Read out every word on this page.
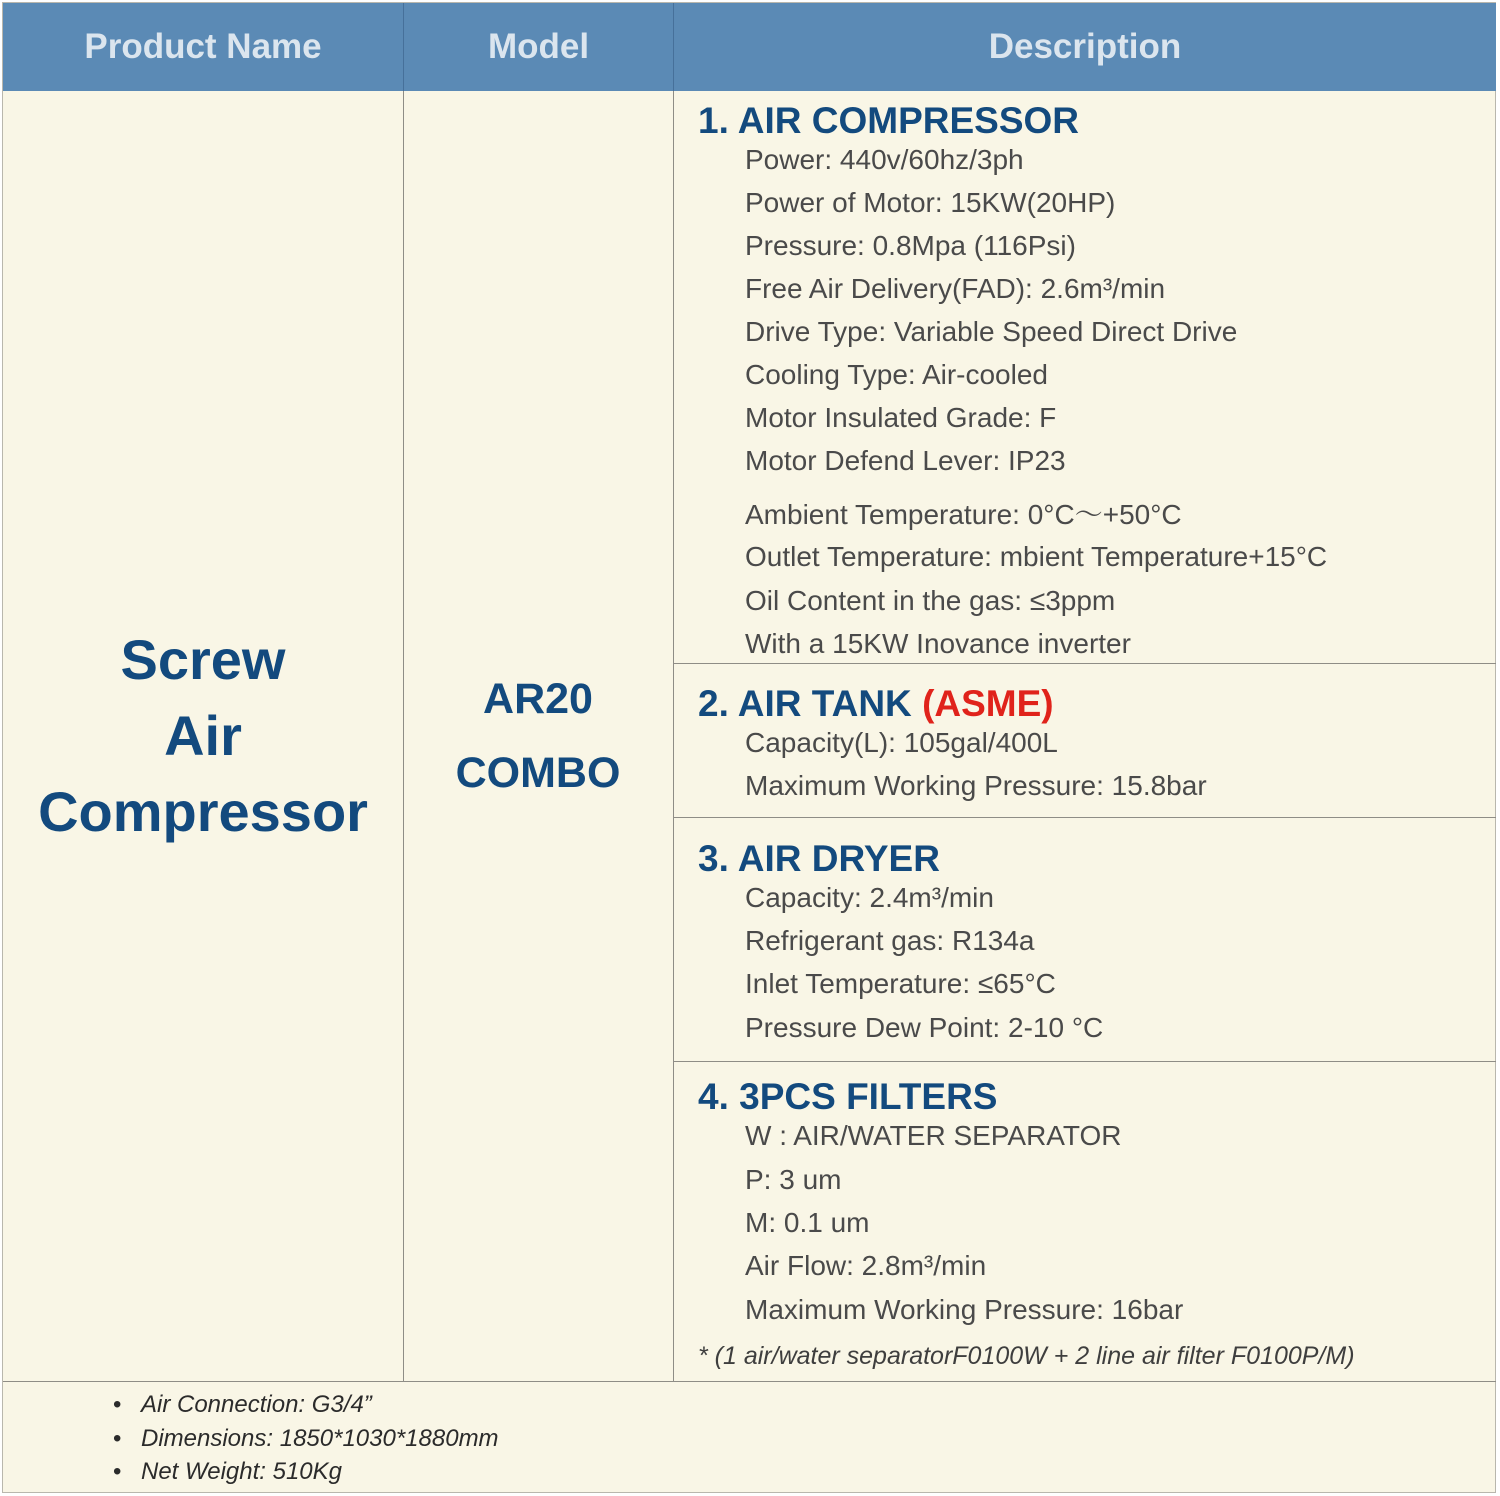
Product Name	Model	Description
Screw
Air
Compressor
AR20
COMBO
1. AIR COMPRESSOR
Power: 440v/60hz/3ph
Power of Motor: 15KW(20HP)
Pressure: 0.8Mpa (116Psi)
Free Air Delivery(FAD): 2.6m³/min
Drive Type: Variable Speed Direct Drive
Cooling Type: Air-cooled
Motor Insulated Grade: F
Motor Defend Lever: IP23
Ambient Temperature: 0°C～+50°C
Outlet Temperature: mbient Temperature+15°C
Oil Content in the gas: ≤3ppm
With a 15KW Inovance inverter
2. AIR TANK (ASME)
Capacity(L): 105gal/400L
Maximum Working Pressure: 15.8bar
3. AIR DRYER
Capacity: 2.4m³/min
Refrigerant gas: R134a
Inlet Temperature: ≤65°C
Pressure Dew Point: 2-10 °C
4. 3PCS FILTERS
W : AIR/WATER SEPARATOR
P: 3 um
M: 0.1 um
Air Flow: 2.8m³/min
Maximum Working Pressure: 16bar
* (1 air/water separatorF0100W + 2 line air filter F0100P/M)
• Air Connection: G3/4”
• Dimensions: 1850*1030*1880mm
• Net Weight: 510Kg
